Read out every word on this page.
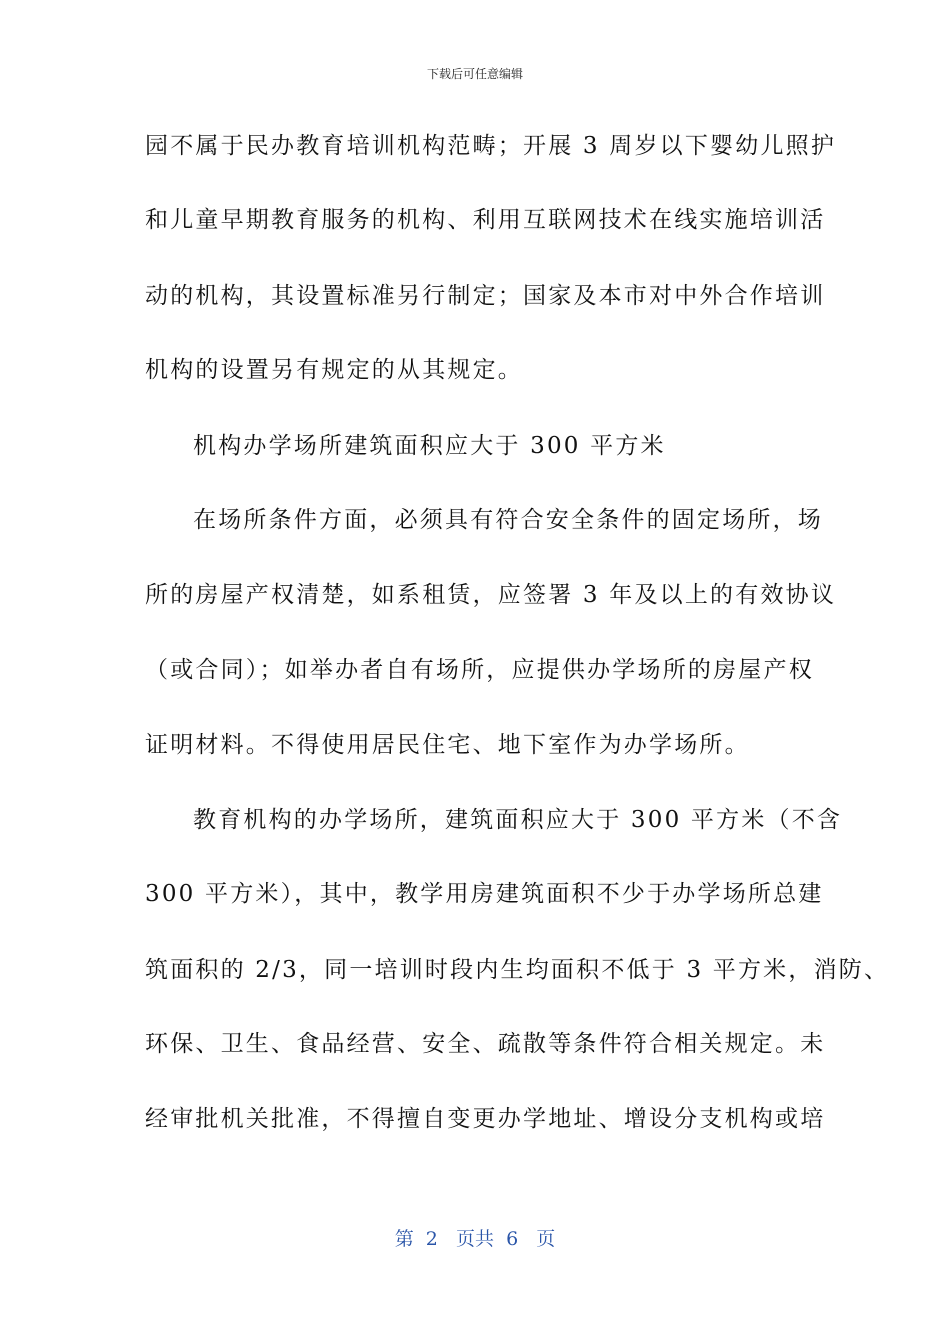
下载后可任意编辑
园不属于民办教育培训机构范畴；开展 3 周岁以下婴幼儿照护
和儿童早期教育服务的机构、利用互联网技术在线实施培训活
动的机构，其设置标准另行制定；国家及本市对中外合作培训
机构的设置另有规定的从其规定。
机构办学场所建筑面积应大于 300 平方米
在场所条件方面，必须具有符合安全条件的固定场所，场
所的房屋产权清楚，如系租赁，应签署 3 年及以上的有效协议
（或合同）；如举办者自有场所，应提供办学场所的房屋产权
证明材料。不得使用居民住宅、地下室作为办学场所。
教育机构的办学场所，建筑面积应大于 300 平方米（不含
300 平方米），其中，教学用房建筑面积不少于办学场所总建
筑面积的 2/3，同一培训时段内生均面积不低于 3 平方米，消防、
环保、卫生、食品经营、安全、疏散等条件符合相关规定。未
经审批机关批准，不得擅自变更办学地址、增设分支机构或培
第  2   页共  6   页
